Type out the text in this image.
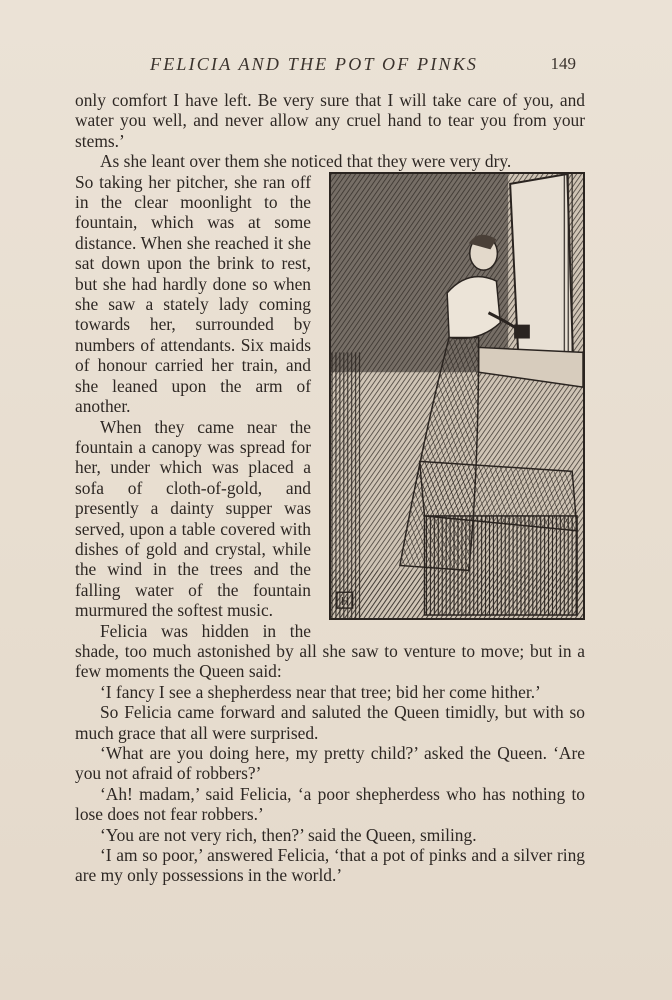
FELICIA AND THE POT OF PINKS	149

only comfort I have left. Be very sure that I will take care of you, and water you well, and never allow any cruel hand to tear you from your stems.’

As she leant over them she noticed that they were very dry.

H

So taking her pitcher, she ran off in the clear moonlight to the fountain, which was at some distance. When she reached it she sat down upon the brink to rest, but she had hardly done so when she saw a stately lady coming towards her, surrounded by numbers of attendants. Six maids of honour carried her train, and she leaned upon the arm of another.

When they came near the fountain a canopy was spread for her, under which was placed a sofa of cloth-of-gold, and presently a dainty supper was served, upon a table covered with dishes of gold and crystal, while the wind in the trees and the falling water of the fountain murmured the softest music.

Felicia was hidden in the shade, too much astonished by all she saw to venture to move; but in a few moments the Queen said:

‘I fancy I see a shepherdess near that tree; bid her come hither.’

So Felicia came forward and saluted the Queen timidly, but with so much grace that all were surprised.

‘What are you doing here, my pretty child?’ asked the Queen. ‘Are you not afraid of robbers?’

‘Ah! madam,’ said Felicia, ‘a poor shepherdess who has nothing to lose does not fear robbers.’

‘You are not very rich, then?’ said the Queen, smiling.

‘I am so poor,’ answered Felicia, ‘that a pot of pinks and a silver ring are my only possessions in the world.’
